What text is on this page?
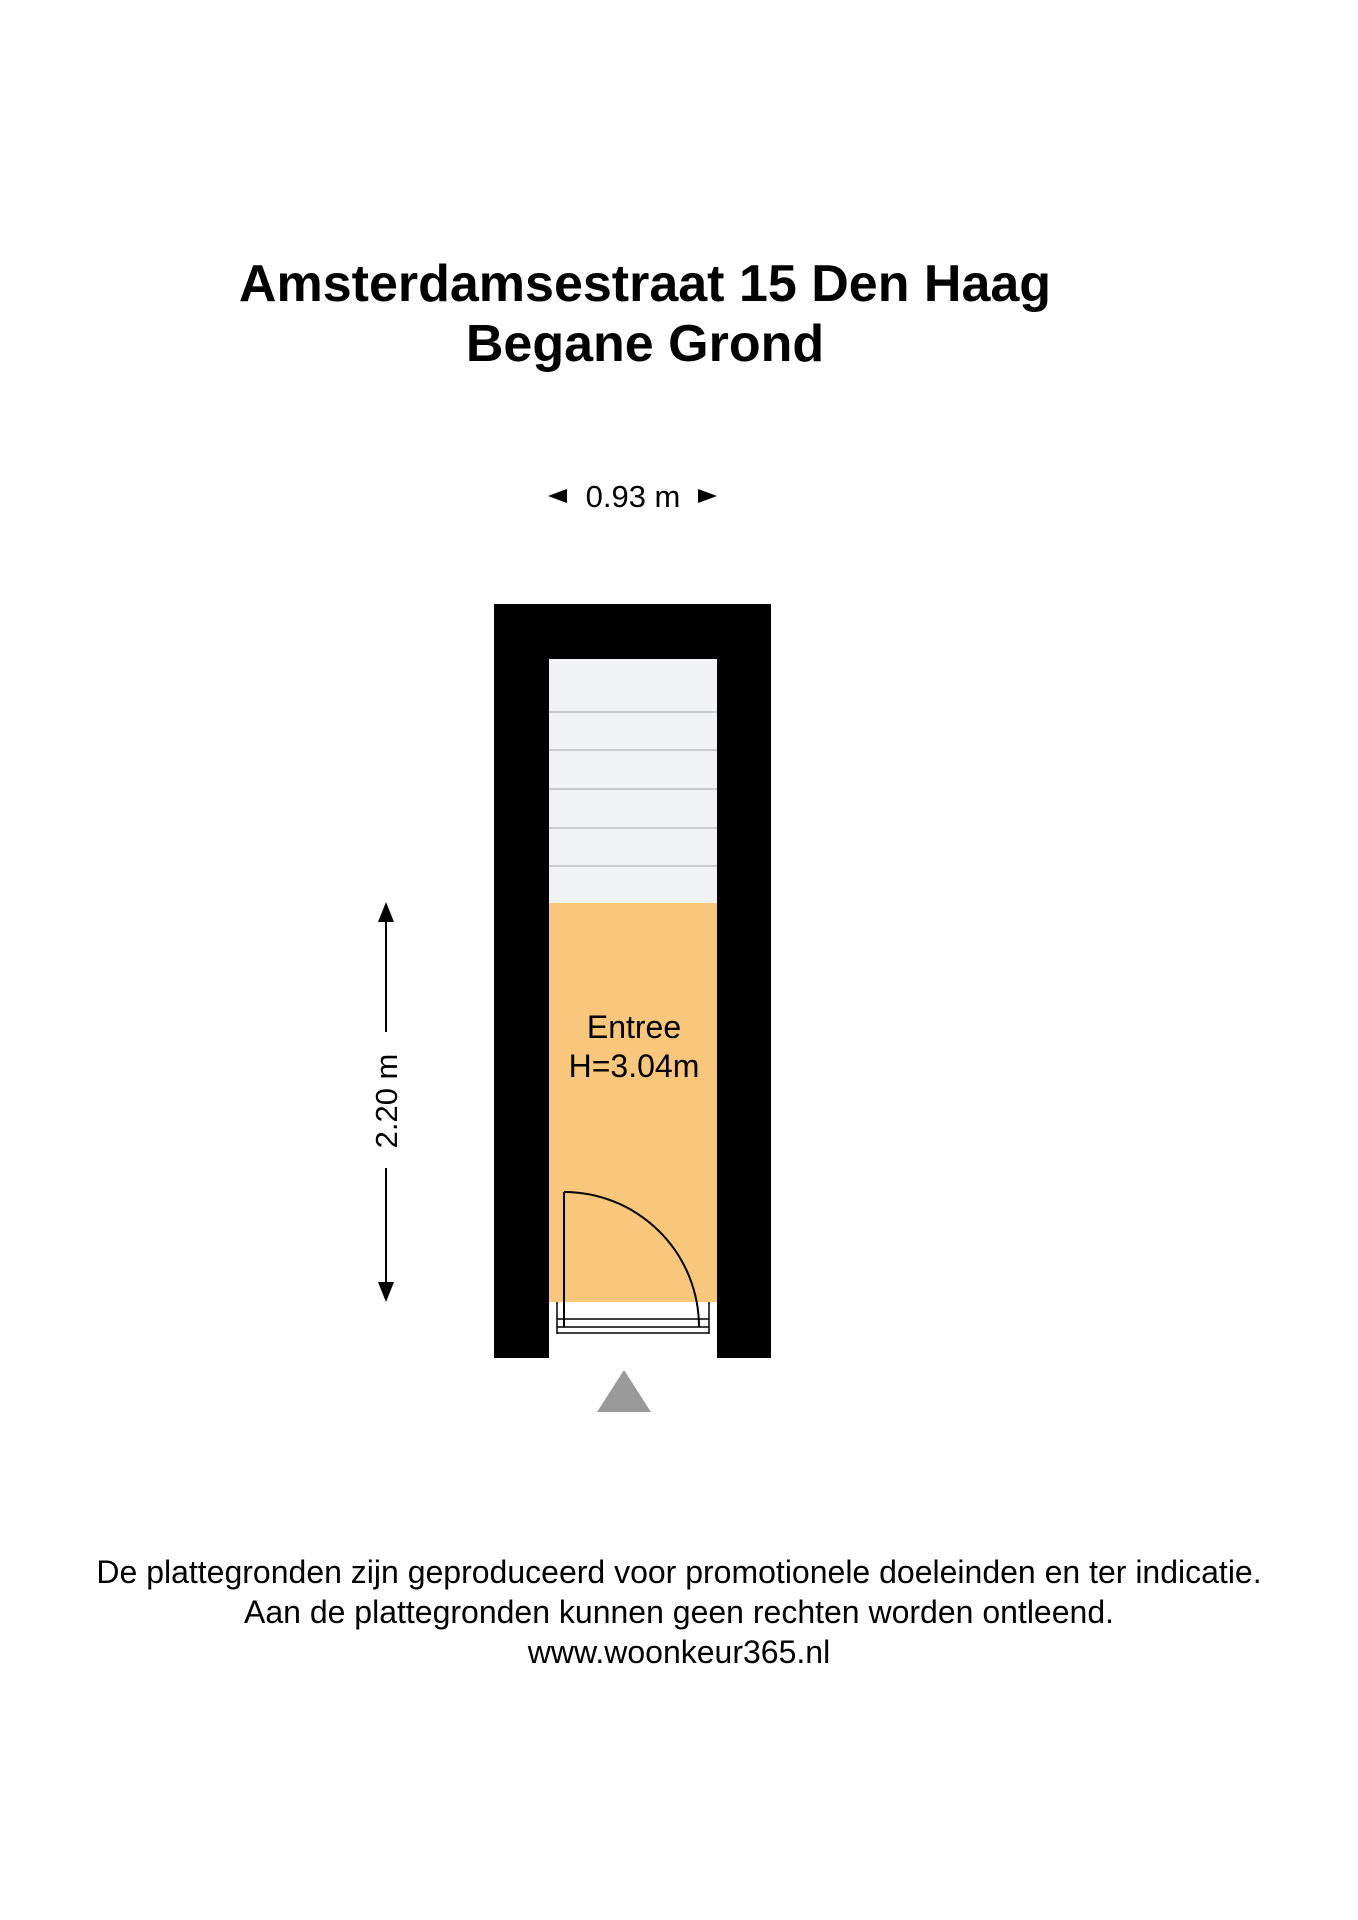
Amsterdamsestraat 15 Den Haag
Begane Grond
0.93 m
2.20 m
Entree
H=3.04m

De plattegronden zijn geproduceerd voor promotionele doeleinden en ter indicatie.

Aan de plattegronden kunnen geen rechten worden ontleend.

www.woonkeur365.nl
